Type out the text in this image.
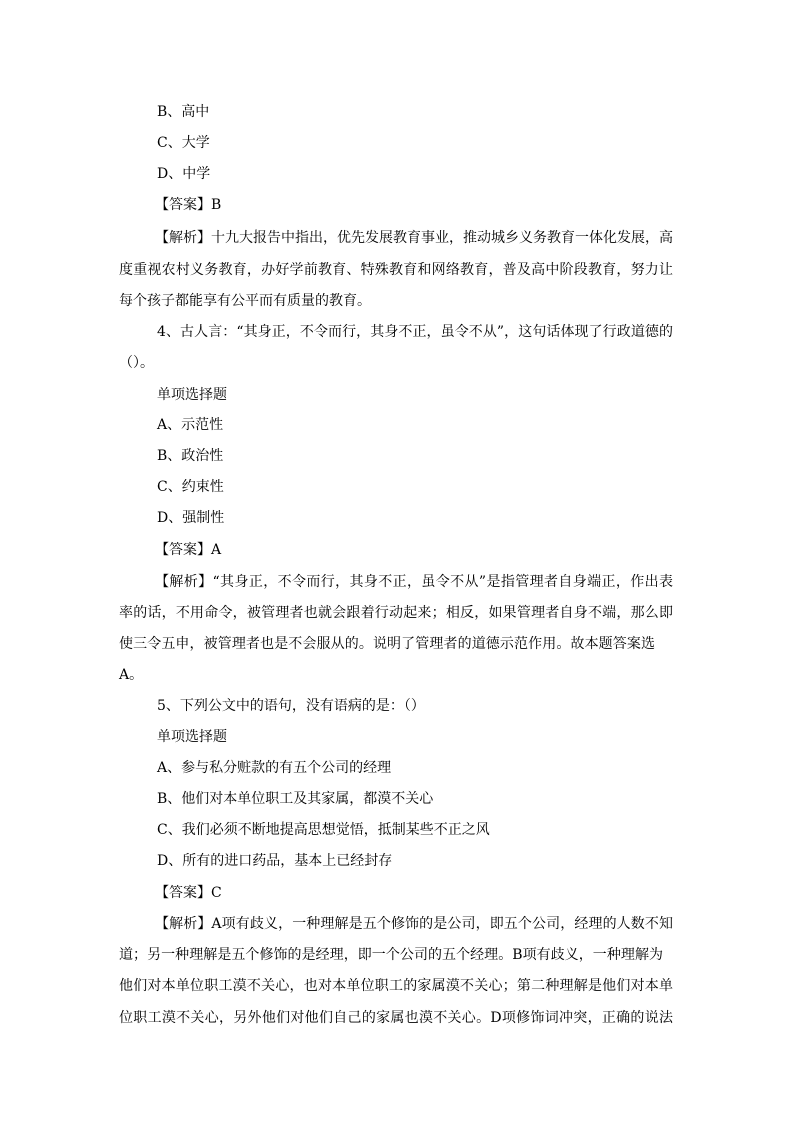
B、高中
C、大学
D、中学
【答案】B
【解析】十九大报告中指出，优先发展教育事业，推动城乡义务教育一体化发展，高
度重视农村义务教育，办好学前教育、特殊教育和网络教育，普及高中阶段教育，努力让
每个孩子都能享有公平而有质量的教育。
4、古人言：“其身正，不令而行，其身不正，虽令不从”，这句话体现了行政道德的
（）。
单项选择题
A、示范性
B、政治性
C、约束性
D、强制性
【答案】A
【解析】“其身正，不令而行，其身不正，虽令不从”是指管理者自身端正，作出表
率的话，不用命令，被管理者也就会跟着行动起来；相反，如果管理者自身不端，那么即
使三令五申，被管理者也是不会服从的。说明了管理者的道德示范作用。故本题答案选
A。
5、下列公文中的语句，没有语病的是：（）
单项选择题
A、参与私分赃款的有五个公司的经理
B、他们对本单位职工及其家属，都漠不关心
C、我们必须不断地提高思想觉悟，抵制某些不正之风
D、所有的进口药品，基本上已经封存
【答案】C
【解析】A项有歧义，一种理解是五个修饰的是公司，即五个公司，经理的人数不知
道；另一种理解是五个修饰的是经理，即一个公司的五个经理。B项有歧义，一种理解为
他们对本单位职工漠不关心，也对本单位职工的家属漠不关心；第二种理解是他们对本单
位职工漠不关心，另外他们对他们自己的家属也漠不关心。D项修饰词冲突，正确的说法
